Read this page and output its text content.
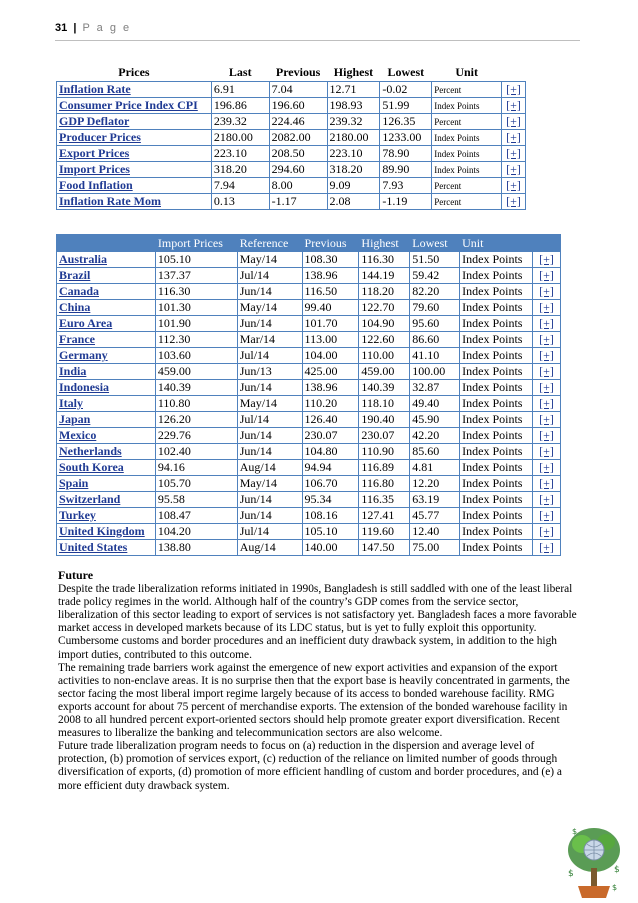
31 | P a g e
Prices	Last	Previous	Highest	Lowest	Unit	
Inflation Rate	6.91	7.04	12.71	-0.02	Percent	[+]
Consumer Price Index CPI	196.86	196.60	198.93	51.99	Index Points	[+]
GDP Deflator	239.32	224.46	239.32	126.35	Percent	[+]
Producer Prices	2180.00	2082.00	2180.00	1233.00	Index Points	[+]
Export Prices	223.10	208.50	223.10	78.90	Index Points	[+]
Import Prices	318.20	294.60	318.20	89.90	Index Points	[+]
Food Inflation	7.94	8.00	9.09	7.93	Percent	[+]
Inflation Rate Mom	0.13	-1.17	2.08	-1.19	Percent	[+]
	Import Prices	Reference	Previous	Highest	Lowest	Unit	
Australia	105.10	May/14	108.30	116.30	51.50	Index Points	[+]
Brazil	137.37	Jul/14	138.96	144.19	59.42	Index Points	[+]
Canada	116.30	Jun/14	116.50	118.20	82.20	Index Points	[+]
China	101.30	May/14	99.40	122.70	79.60	Index Points	[+]
Euro Area	101.90	Jun/14	101.70	104.90	95.60	Index Points	[+]
France	112.30	Mar/14	113.00	122.60	86.60	Index Points	[+]
Germany	103.60	Jul/14	104.00	110.00	41.10	Index Points	[+]
India	459.00	Jun/13	425.00	459.00	100.00	Index Points	[+]
Indonesia	140.39	Jun/14	138.96	140.39	32.87	Index Points	[+]
Italy	110.80	May/14	110.20	118.10	49.40	Index Points	[+]
Japan	126.20	Jul/14	126.40	190.40	45.90	Index Points	[+]
Mexico	229.76	Jun/14	230.07	230.07	42.20	Index Points	[+]
Netherlands	102.40	Jun/14	104.80	110.90	85.60	Index Points	[+]
South Korea	94.16	Aug/14	94.94	116.89	4.81	Index Points	[+]
Spain	105.70	May/14	106.70	116.80	12.20	Index Points	[+]
Switzerland	95.58	Jun/14	95.34	116.35	63.19	Index Points	[+]
Turkey	108.47	Jun/14	108.16	127.41	45.77	Index Points	[+]
United Kingdom	104.20	Jul/14	105.10	119.60	12.40	Index Points	[+]
United States	138.80	Aug/14	140.00	147.50	75.00	Index Points	[+]
Future

Despite the trade liberalization reforms initiated in 1990s, Bangladesh is still saddled with one of the least liberal trade policy regimes in the world. Although half of the country’s GDP comes from the service sector, liberalization of this sector leading to export of services is not satisfactory yet. Bangladesh faces a more favorable market access in developed markets because of its LDC status, but is yet to fully exploit this opportunity. Cumbersome customs and border procedures and an inefficient duty drawback system, in addition to the high import duties, contributed to this outcome.

The remaining trade barriers work against the emergence of new export activities and expansion of the export activities to non-enclave areas. It is no surprise then that the export base is heavily concentrated in garments, the sector facing the most liberal import regime largely because of its access to bonded warehouse facility. RMG exports account for about 75 percent of merchandise exports. The extension of the bonded warehouse facility in 2008 to all hundred percent export-oriented sectors should help promote greater export diversification. Recent measures to liberalize the banking and telecommunication sectors are also welcome.

Future trade liberalization program needs to focus on (a) reduction in the dispersion and average level of protection, (b) promotion of services export, (c) reduction of the reliance on limited number of goods through diversification of exports, (d) promotion of more efficient handling of custom and border procedures, and (e) a more efficient duty drawback system.

$	$
$
$
